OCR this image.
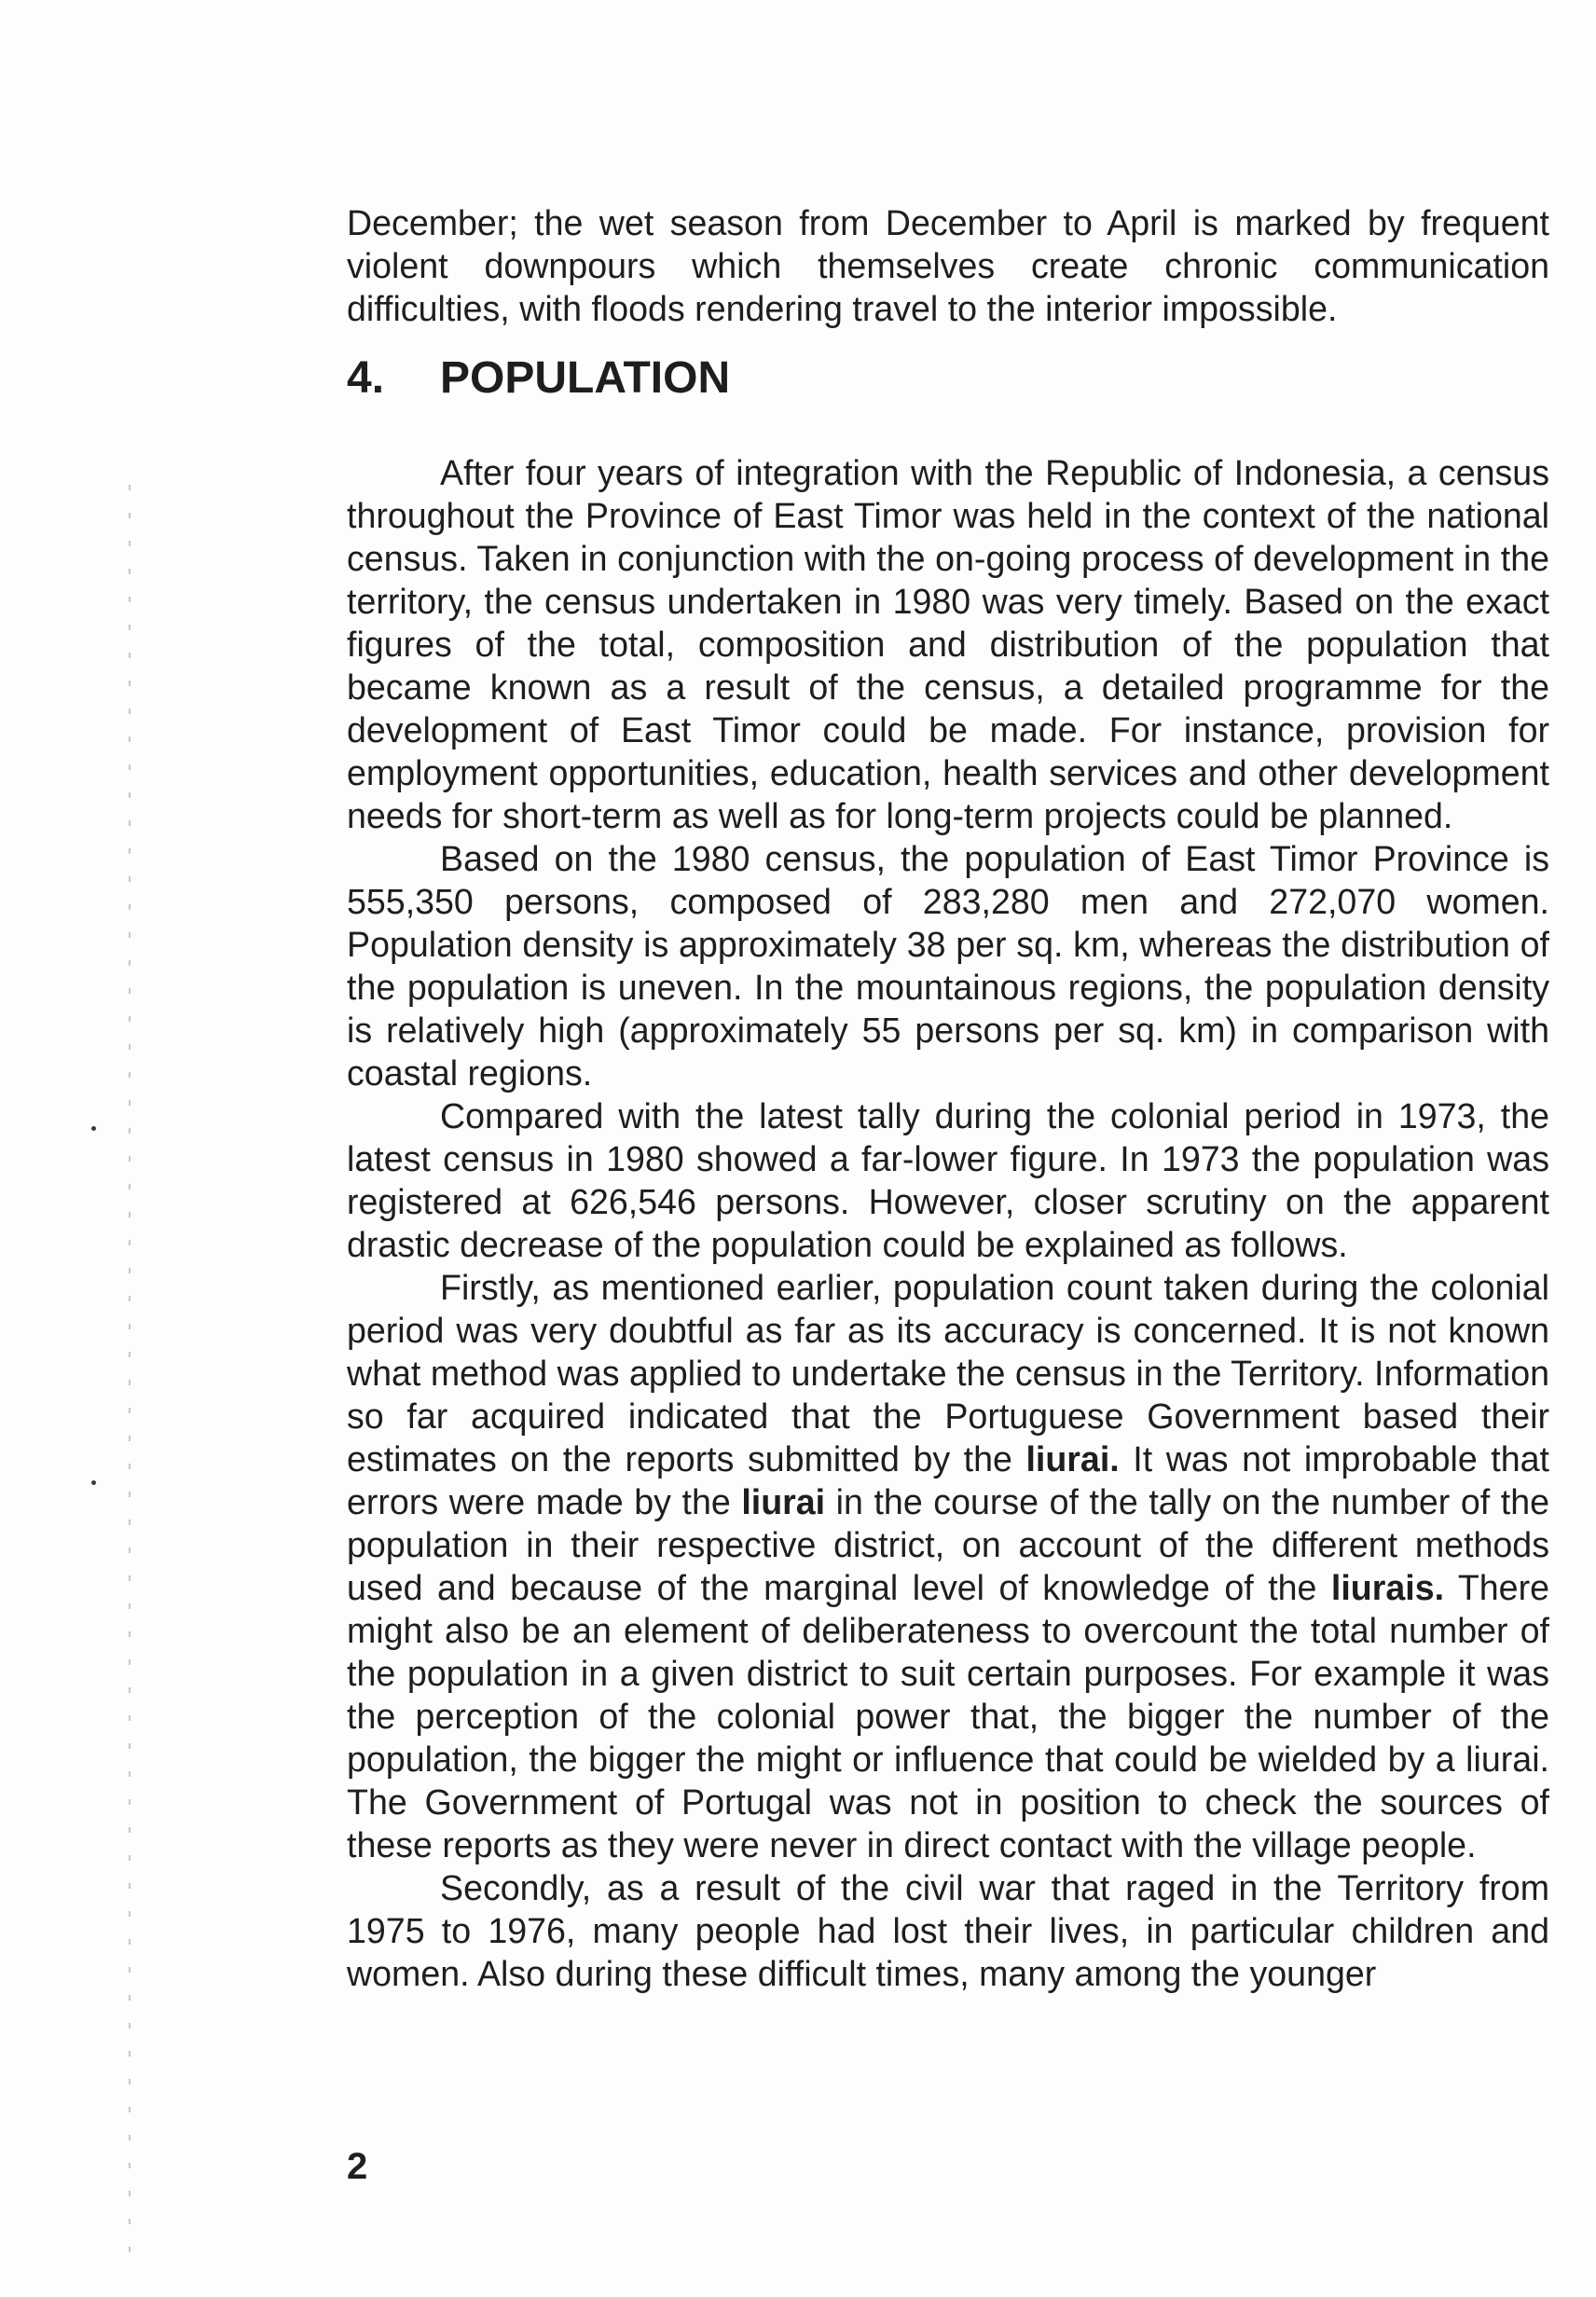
December; the wet season from December to April is marked by frequent violent downpours which themselves create chronic communication difficulties, with floods rendering travel to the interior impossible.

4.	POPULATION

After four years of integration with the Republic of Indonesia, a census throughout the Province of East Timor was held in the context of the national census. Taken in conjunction with the on-going process of development in the territory, the census undertaken in 1980 was very timely. Based on the exact figures of the total, composition and distribution of the population that became known as a result of the census, a detailed programme for the development of East Timor could be made. For instance, provision for employment opportunities, education, health services and other development needs for short-term as well as for long-term projects could be planned.

Based on the 1980 census, the population of East Timor Province is 555,350 persons, composed of 283,280 men and 272,070 women. Population density is approximately 38 per sq. km, whereas the distribution of the population is uneven. In the mountainous regions, the population density is relatively high (approximately 55 persons per sq. km) in comparison with coastal regions.

Compared with the latest tally during the colonial period in 1973, the latest census in 1980 showed a far-lower figure. In 1973 the population was registered at 626,546 persons. However, closer scrutiny on the apparent drastic decrease of the population could be explained as follows.

Firstly, as mentioned earlier, population count taken during the colonial period was very doubtful as far as its accuracy is concerned. It is not known what method was applied to undertake the census in the Territory. Information so far acquired indicated that the Portuguese Government based their estimates on the reports submitted by the liurai. It was not improbable that errors were made by the liurai in the course of the tally on the number of the population in their respective district, on account of the different methods used and because of the marginal level of knowledge of the liurais. There might also be an element of deliberateness to overcount the total number of the population in a given district to suit certain purposes. For example it was the perception of the colonial power that, the bigger the number of the population, the bigger the might or influence that could be wielded by a liurai. The Government of Portugal was not in position to check the sources of these reports as they were never in direct contact with the village people.

Secondly, as a result of the civil war that raged in the Territory from 1975 to 1976, many people had lost their lives, in particular children and women. Also during these difficult times, many among the younger

2
